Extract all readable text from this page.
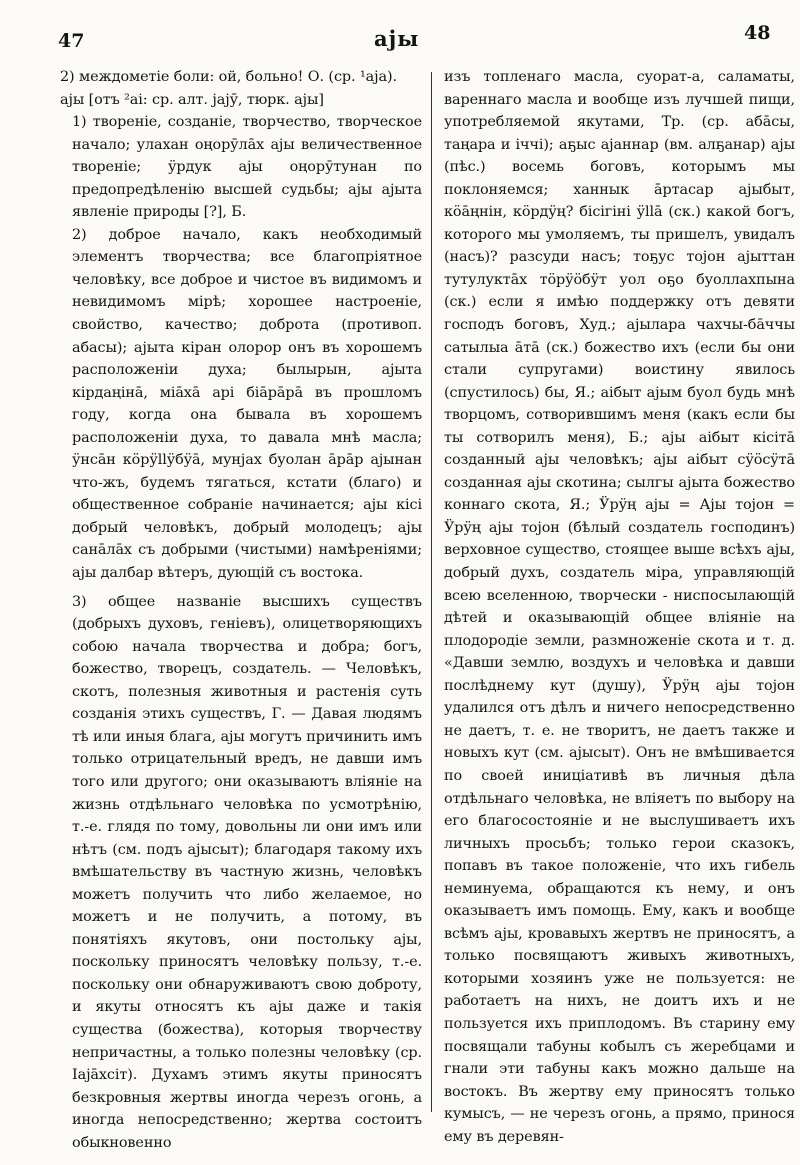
47	аjы	48

2) междометіе боли: ой, больно! О. (ср. ¹аjа).

аjы [отъ ²аі: ср. алт. jаjӯ, тюрк. аjы]

1) твореніе, созданіе, творчество, творческое начало; улахан оңорӯлāх аjы величественное твореніе; ӱрдук аjы оңорӯтунан по предопредѣленію высшей судьбы; аjы аjыта явленіе природы [?], Б.

2) доброе начало, какъ необходимый элементъ творчества; все благопріятное человѣку, все доброе и чистое въ видимомъ и невидимомъ мірѣ; хорошее настроеніе, свойство, качество; доброта (противоп. абасы); аjыта кіран олорор онъ въ хорошемъ расположеніи духа; былырын, аjыта кірдаңінā, міāхā арi біāрāрā въ прошломъ году, когда она бывала въ хорошемъ расположеніи духа, то давала мнѣ масла; ӱнсāн кӧрӱllӱбӱā, мунjах буолан āрāр аjынан что-жъ, будемъ тягаться, кстати (благо) и общественное собраніе начинается; аjы кісі добрый человѣкъ, добрый молодецъ; аjы санāлāх съ добрыми (чистыми) намѣреніями; аjы далбар вѣтеръ, дующій съ востока.

3) общее названіе высшихъ существъ (добрыхъ духовъ, геніевъ), олицетворяющихъ собою начала творчества и добра; богъ, божество, творецъ, создатель. — Человѣкъ, скотъ, полезныя животныя и растенія суть созданія этихъ существъ, Г. — Давая людямъ тѣ или иныя блага, аjы могутъ причинить имъ только отрицательный вредъ, не давши имъ того или другого; они оказываютъ вліяніе на жизнь отдѣльнаго человѣка по усмотрѣнію, т.-е. глядя по тому, довольны ли они имъ или нѣтъ (см. подъ аjысыт); благодаря такому ихъ вмѣшательству въ частную жизнь, человѣкъ можетъ получить что либо желаемое, но можетъ и не получить, а потому, въ понятіяхъ якутовъ, они постольку аjы, поскольку приносятъ человѣку пользу, т.-е. поскольку они обнаруживаютъ свою доброту, и якуты относятъ къ аjы даже и такія существа (божества), которыя творчеству непричастны, а только полезны человѣку (ср. Іаjāхсіт). Духамъ этимъ якуты приносятъ безкровныя жертвы иногда черезъ огонь, а иногда непосредственно; жертва состоитъ обыкновенно

изъ топленаго масла, суорат-а, саламаты, вареннаго масла и вообще изъ лучшей пищи, употребляемой якутами, Тр. (ср. абāсы, таңара и іччі); аҕыс аjаннар (вм. алҕанар) аjы (пѣс.) восемь боговъ, которымъ мы поклоняемся; ханнык āртасар аjыбыт, кӧāңнін, кӧрдӱң? бісігіні ӱllā (ск.) какой богъ, которого мы умоляемъ, ты пришелъ, увидалъ (насъ)? разсуди насъ; тоҕус тоjон аjыттан тутулуктāх тӧрӱӧбӱт уол оҕо буоллахпына (ск.) если я имѣю поддержку отъ девяти господъ боговъ, Худ.; аjылара чахчы-бāччы сатылыа āтā (ск.) божество ихъ (если бы они стали супругами) воистину явилось (спустилось) бы, Я.; аiбыт аjым буол будь мнѣ творцомъ, сотворившимъ меня (какъ если бы ты сотворилъ меня), Б.; аjы аiбыт кісітā созданный аjы человѣкъ; аjы аiбыт сӱӧсӱтā созданная аjы скотина; сылгы аjыта божество коннаго скота, Я.; Ӱрӱң аjы = Аjы тоjон = Ӱрӱң аjы тоjон (бѣлый создатель господинъ) верховное существо, стоящее выше всѣхъ аjы, добрый духъ, создатель міра, управляющій всею вселенною, творчески - ниспосылающій дѣтей и оказывающій общее вліяніе на плодородіе земли, размноженіе скота и т. д. «Давши землю, воздухъ и человѣка и давши послѣднему кут (душу), Ӱрӱң аjы тоjон удалился отъ дѣлъ и ничего непосредственно не даетъ, т. е. не творитъ, не даетъ также и новыхъ кут (см. аjысыт). Онъ не вмѣшивается по своей иниціативѣ въ личныя дѣла отдѣльнаго человѣка, не вліяетъ по выбору на его благосостояніе и не выслушиваетъ ихъ личныхъ просьбъ; только герои сказокъ, попавъ въ такое положеніе, что ихъ гибель неминуема, обращаются къ нему, и онъ оказываетъ имъ помощь. Ему, какъ и вообще всѣмъ аjы, кровавыхъ жертвъ не приносятъ, а только посвящаютъ живыхъ животныхъ, которыми хозяинъ уже не пользуется: не работаетъ на нихъ, не доитъ ихъ и не пользуется ихъ приплодомъ. Въ старину ему посвящали табуны кобылъ съ жеребцами и гнали эти табуны какъ можно дальше на востокъ. Въ жертву ему приносятъ только кумысъ, — не черезъ огонь, а прямо, принося ему въ деревян-
